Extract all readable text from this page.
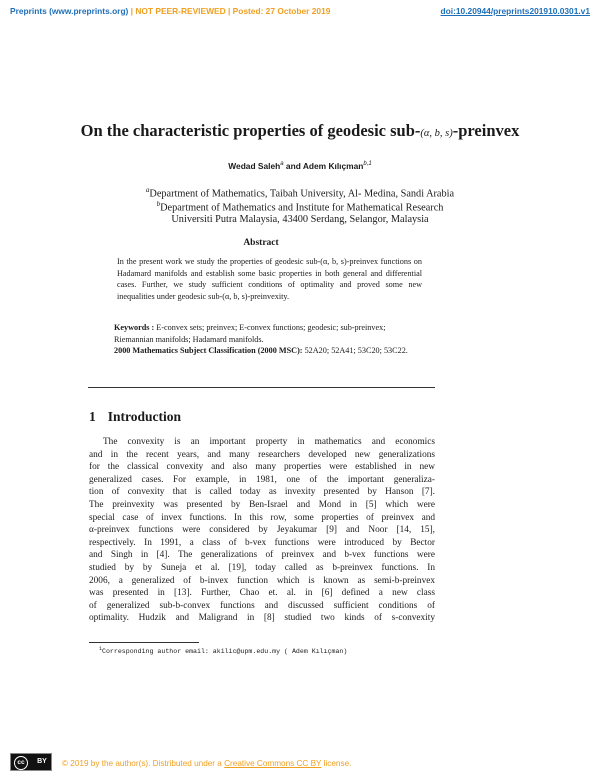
Preprints (www.preprints.org) | NOT PEER-REVIEWED | Posted: 27 October 2019	doi:10.20944/preprints201910.0301.v1
On the characteristic properties of geodesic sub-(α, b, s)-preinvex
Wedad Saleh$^a$ and Adem Kılıçman$^{b,1}$
$^a$Department of Mathematics, Taibah University, Al- Medina, Sandi Arabia
$^b$Department of Mathematics and Institute for Mathematical Research
Universiti Putra Malaysia, 43400 Serdang, Selangor, Malaysia
Abstract
In the present work we study the properties of geodesic sub-(α, b, s)-preinvex functions on Hadamard manifolds and establish some basic properties in both general and differential cases. Further, we study sufficient conditions of optimality and proved some new inequalities under geodesic sub-(α, b, s)-preinvexity.
Keywords : E-convex sets; preinvex; E-convex functions; geodesic; sub-preinvex; Riemannian manifolds; Hadamard manifolds.
2000 Mathematics Subject Classification (2000 MSC): 52A20; 52A41; 53C20; 53C22.
1 Introduction
The convexity is an important property in mathematics and economics
and in the recent years, and many researchers developed new generalizations
for the classical convexity and also many properties were established in new
generalized cases. For example, in 1981, one of the important generaliza-
tion of convexity that is called today as invexity presented by Hanson [7].
The preinvexity was presented by Ben-Israel and Mond in [5] which were
special case of invex functions. In this row, some properties of preinvex and
α-preinvex functions were considered by Jeyakumar [9] and Noor [14, 15],
respectively. In 1991, a class of b-vex functions were introduced by Bector
and Singh in [4]. The generalizations of preinvex and b-vex functions were
studied by by Suneja et al. [19], today called as b-preinvex functions. In
2006, a generalized of b-invex function which is known as semi-b-preinvex
was presented in [13]. Further, Chao et. al. in [6] defined a new class
of generalized sub-b-convex functions and discussed sufficient conditions of
optimality. Hudzik and Maligrand in [8] studied two kinds of s-convexity
$^1$Corresponding author email: akilic@upm.edu.my ( Adem Kılıçman)
cc	BY © 2019 by the author(s). Distributed under a Creative Commons CC BY license.
